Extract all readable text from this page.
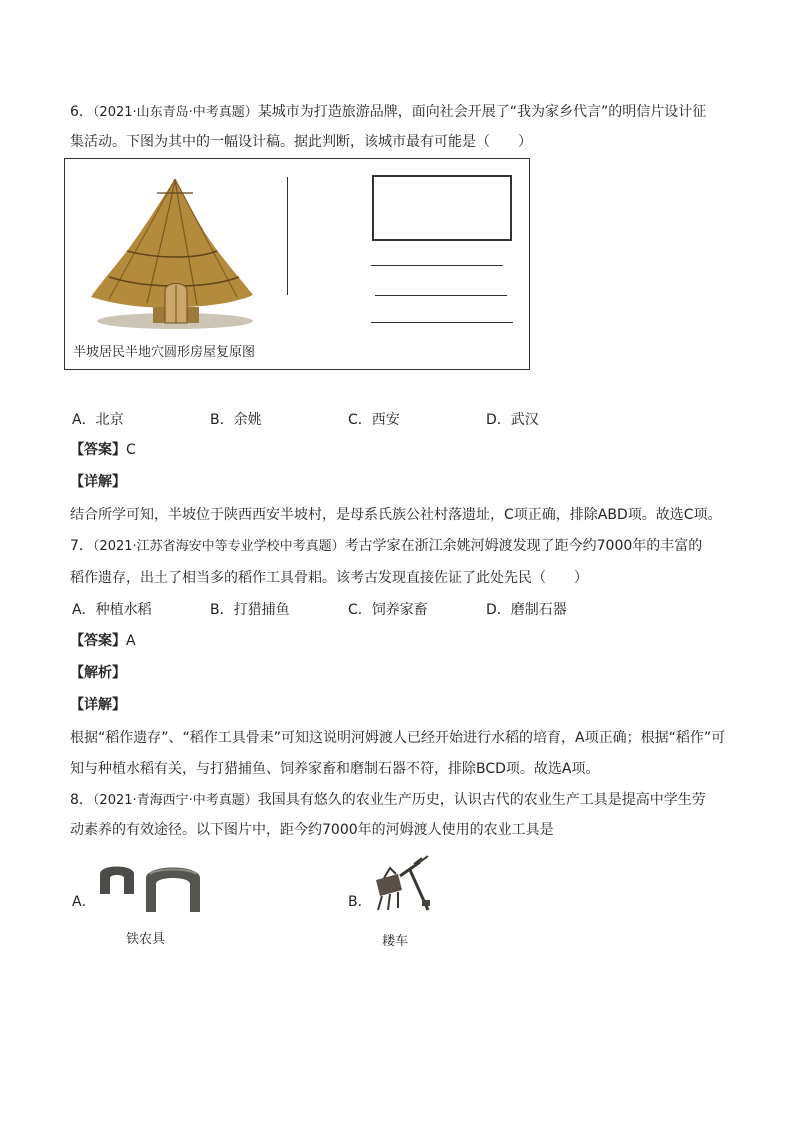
6．（2021·山东青岛·中考真题）某城市为打造旅游品牌，面向社会开展了“我为家乡代言”的明信片设计征
集活动。下图为其中的一幅设计稿。据此判断，该城市最有可能是（　　）
半坡居民半地穴圆形房屋复原图
A．北京	B．余姚	C．西安	D．武汉
【答案】C
【详解】
结合所学可知，半坡位于陕西西安半坡村，是母系氏族公社村落遗址，C项正确，排除ABD项。故选C项。
7．（2021·江苏省海安中等专业学校中考真题）考古学家在浙江余姚河姆渡发现了距今约7000年的丰富的
稻作遗存，出土了相当多的稻作工具骨耜。该考古发现直接佐证了此处先民（　　）
A．种植水稻	B．打猎捕鱼	C．饲养家畜	D．磨制石器
【答案】A
【解析】
【详解】
根据“稻作遗存”、“稻作工具骨耒”可知这说明河姆渡人已经开始进行水稻的培育，A项正确；根据“稻作”可
知与种植水稻有关，与打猎捕鱼、饲养家畜和磨制石器不符，排除BCD项。故选A项。
8．（2021·青海西宁·中考真题）我国具有悠久的农业生产历史，认识古代的农业生产工具是提高中学生劳
动素养的有效途径。以下图片中，距今约7000年的河姆渡人使用的农业工具是
A．
铁农具
B．
耧车
